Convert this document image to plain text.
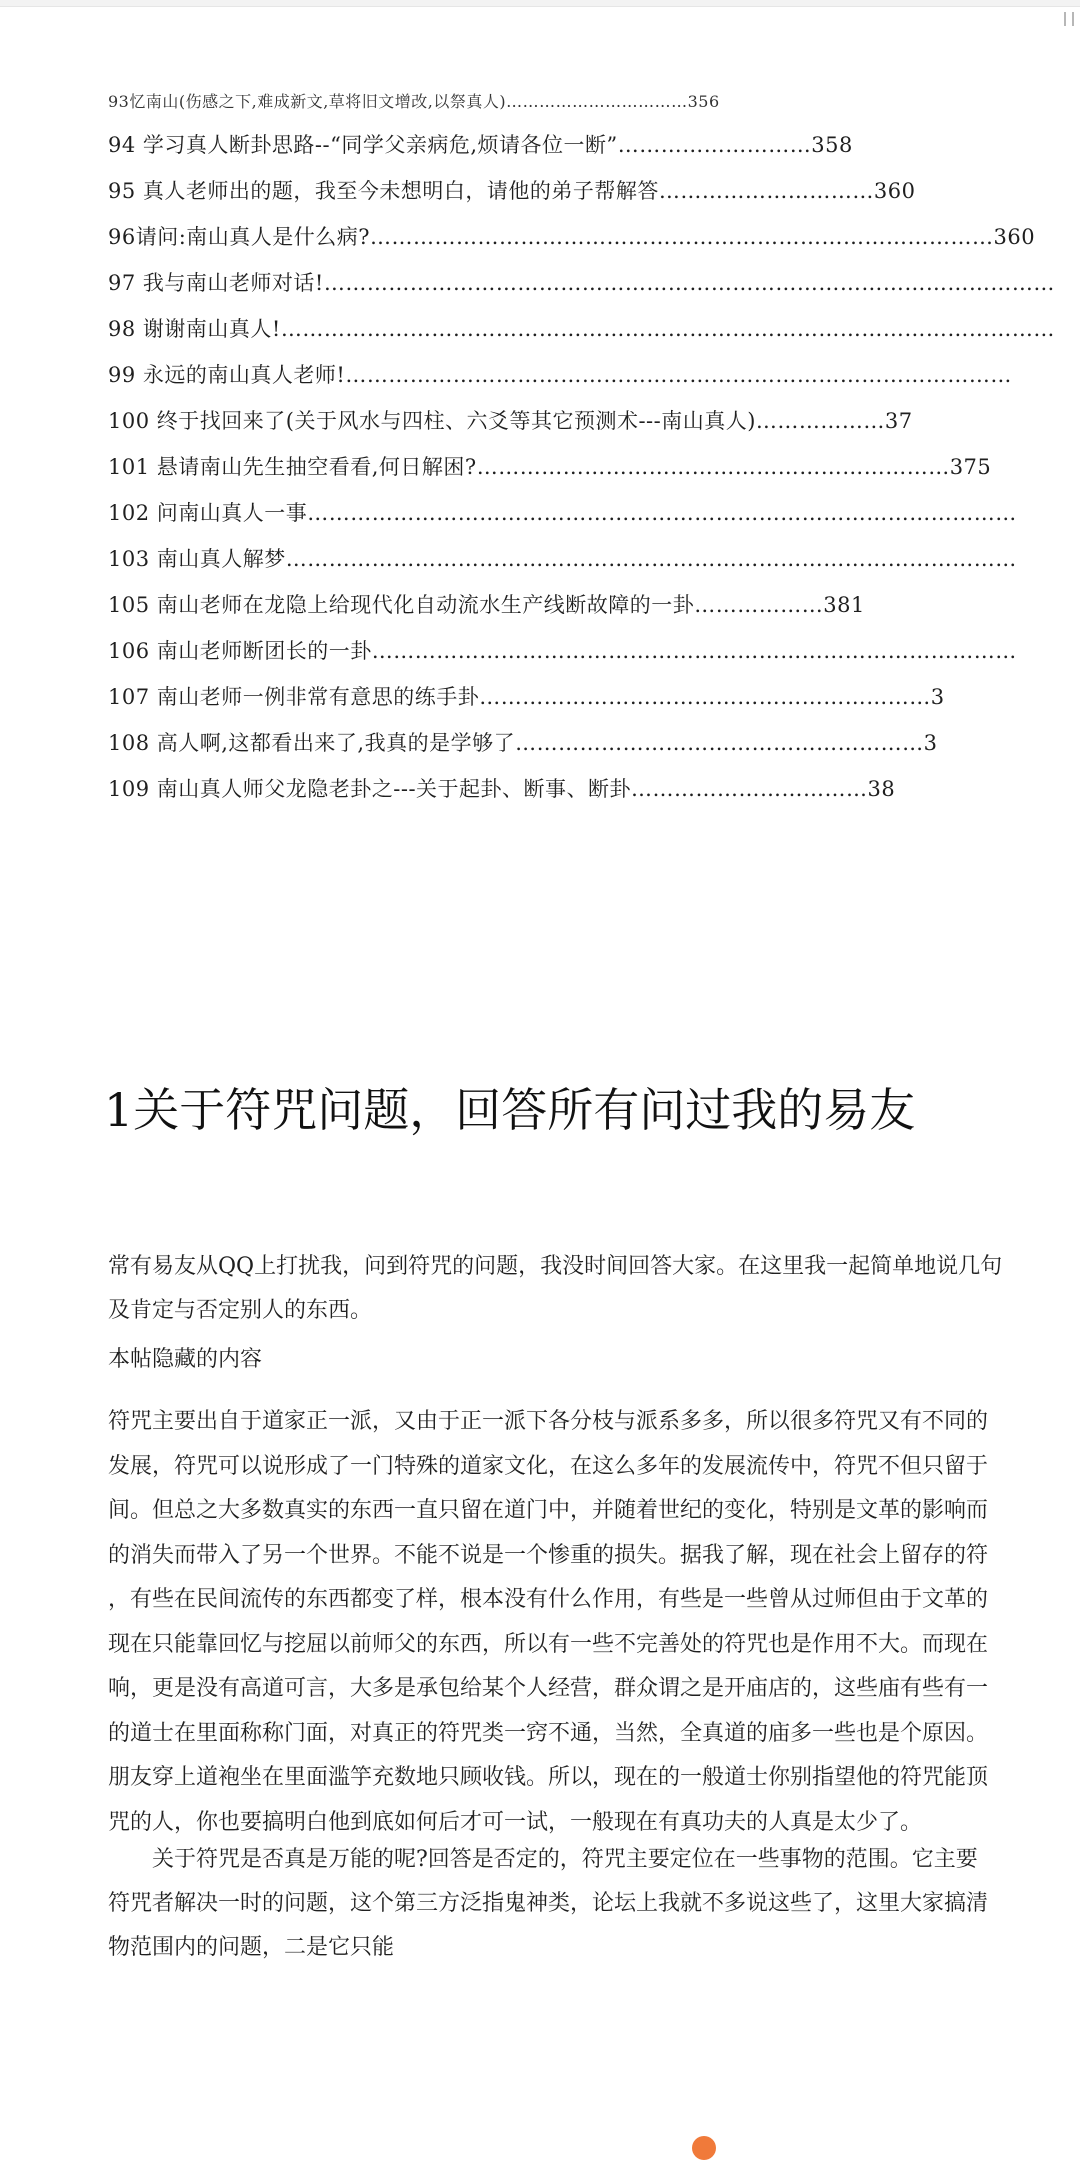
93忆南山(伤感之下,难成新文,草将旧文增改,以祭真人)……………………………356
94 学习真人断卦思路--“同学父亲病危,烦请各位一断”………………………358
95 真人老师出的题，我至今未想明白，请他的弟子帮解答…………………………360
96请问:南山真人是什么病?……………………………………………………………………………360
97 我与南山老师对话!…………………………………………………………………………………………
98 谢谢南山真人!………………………………………………………………………………………………
99 永远的南山真人老师!…………………………………………………………………………………
100 终于找回来了(关于风水与四柱、六爻等其它预测术---南山真人)………………37
101 悬请南山先生抽空看看,何日解困?…………………………………………………………375
102 问南山真人一事………………………………………………………………………………………
103 南山真人解梦…………………………………………………………………………………………
105 南山老师在龙隐上给现代化自动流水生产线断故障的一卦………………381
106 南山老师断团长的一卦………………………………………………………………………………
107 南山老师一例非常有意思的练手卦………………………………………………………3
108 高人啊,这都看出来了,我真的是学够了…………………………………………………3
109 南山真人师父龙隐老卦之---关于起卦、断事、断卦……………………………38
1关于符咒问题，回答所有问过我的易友
常有易友从QQ上打扰我，问到符咒的问题，我没时间回答大家。在这里我一起简单地说几句
及肯定与否定别人的东西。
本帖隐藏的内容
符咒主要出自于道家正一派，又由于正一派下各分枝与派系多多，所以很多符咒又有不同的
发展，符咒可以说形成了一门特殊的道家文化，在这么多年的发展流传中，符咒不但只留于
间。但总之大多数真实的东西一直只留在道门中，并随着世纪的变化，特别是文革的影响而
的消失而带入了另一个世界。不能不说是一个惨重的损失。据我了解，现在社会上留存的符
，有些在民间流传的东西都变了样，根本没有什么作用，有些是一些曾从过师但由于文革的
现在只能靠回忆与挖屈以前师父的东西，所以有一些不完善处的符咒也是作用不大。而现在
响，更是没有高道可言，大多是承包给某个人经营，群众谓之是开庙店的，这些庙有些有一
的道士在里面称称门面，对真正的符咒类一窍不通，当然，全真道的庙多一些也是个原因。
朋友穿上道袍坐在里面滥竽充数地只顾收钱。所以，现在的一般道士你别指望他的符咒能顶
咒的人，你也要搞明白他到底如何后才可一试，一般现在有真功夫的人真是太少了。
　　关于符咒是否真是万能的呢?回答是否定的，符咒主要定位在一些事物的范围。它主要
符咒者解决一时的问题，这个第三方泛指鬼神类，论坛上我就不多说这些了，这里大家搞清
物范围内的问题，二是它只能
